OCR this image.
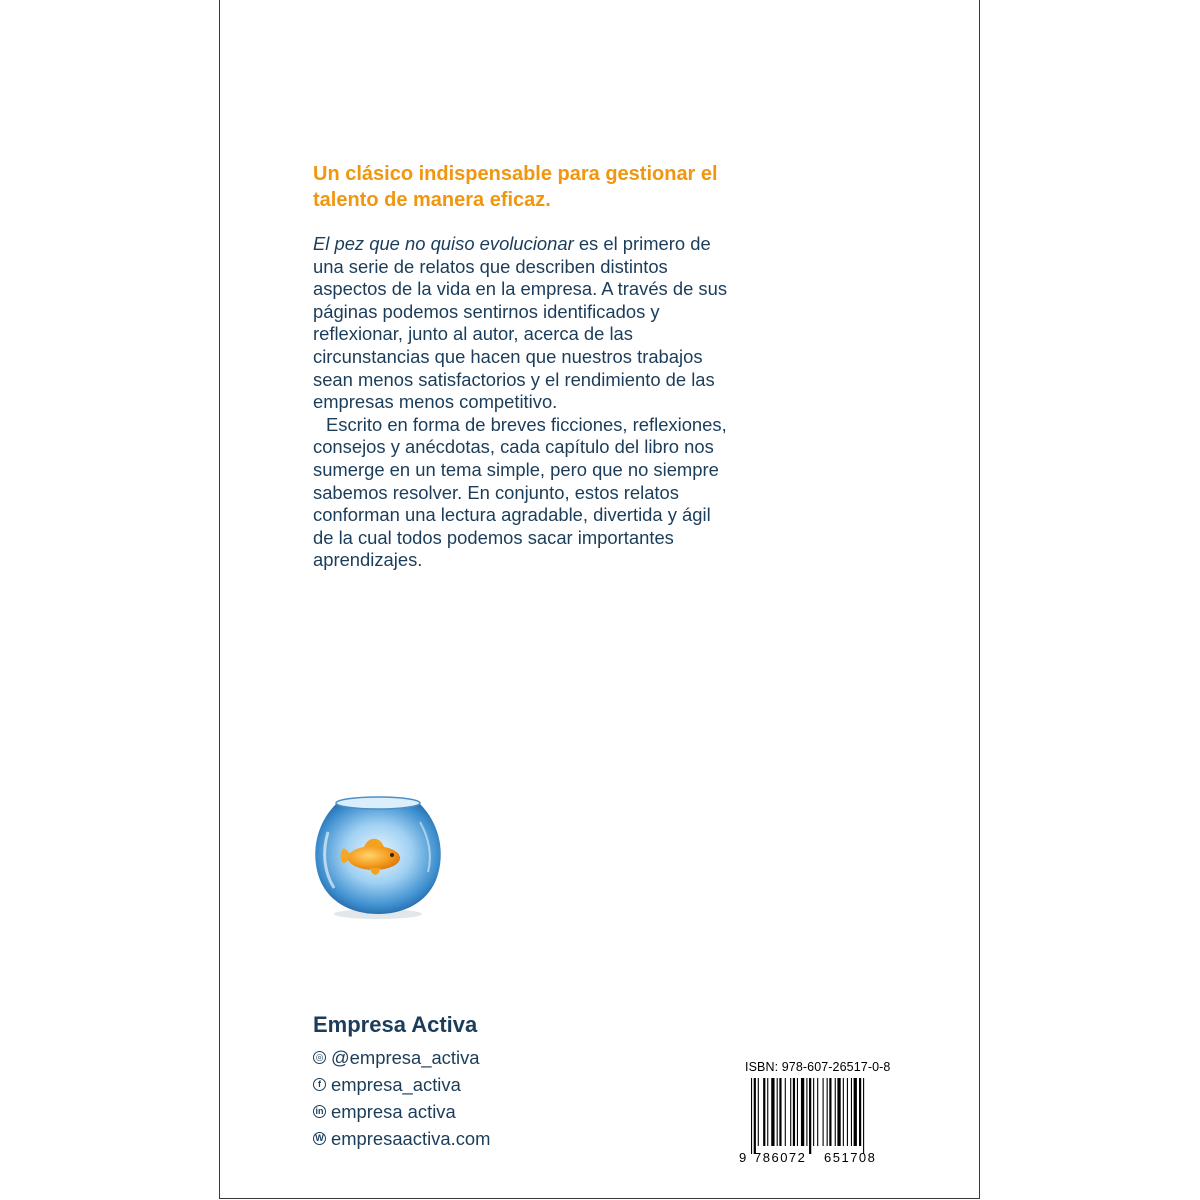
Un clásico indispensable para gestionar el talento de manera eficaz.

El pez que no quiso evolucionar es el primero de una serie de relatos que describen distintos aspectos de la vida en la empresa. A través de sus páginas podemos sentirnos identificados y reflexionar, junto al autor, acerca de las circunstancias que hacen que nuestros trabajos sean menos satisfactorios y el rendimiento de las empresas menos competitivo.

Escrito en forma de breves ficciones, reflexiones, consejos y anécdotas, cada capítulo del libro nos sumerge en un tema simple, pero que no siempre sabemos resolver. En conjunto, estos relatos conforman una lectura agradable, divertida y ágil de la cual todos podemos sacar importantes aprendizajes.

Empresa Activa

◎ @empresa_activa
f empresa_activa
in empresa activa
W empresaactiva.com

ISBN: 978-607-26517-0-8

9 786072 651708
